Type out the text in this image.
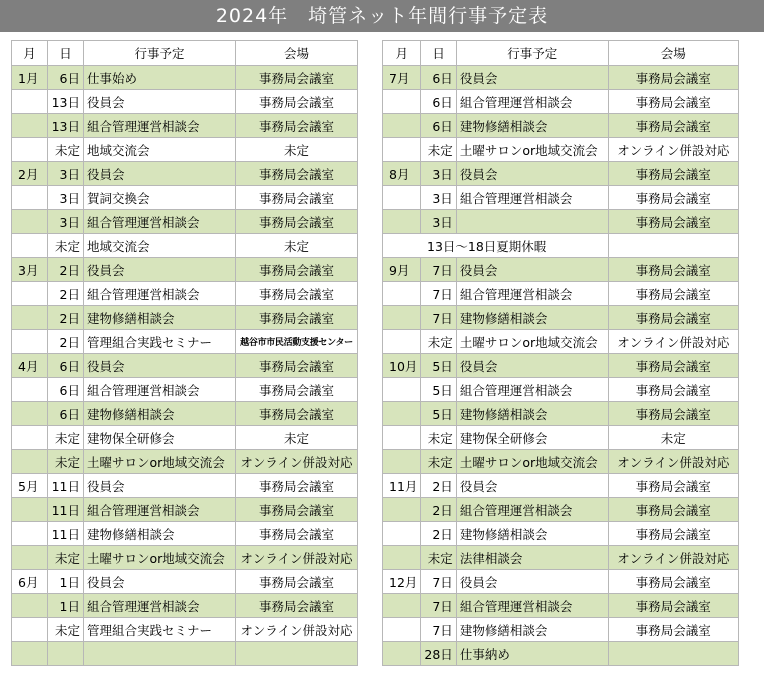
2024年　埼管ネット年間行事予定表
月	日	行事予定	会場
1月	6日	仕事始め	事務局会議室
	13日	役員会	事務局会議室
	13日	組合管理運営相談会	事務局会議室
	未定	地域交流会	未定
2月	3日	役員会	事務局会議室
	3日	賀詞交換会	事務局会議室
	3日	組合管理運営相談会	事務局会議室
	未定	地域交流会	未定
3月	2日	役員会	事務局会議室
	2日	組合管理運営相談会	事務局会議室
	2日	建物修繕相談会	事務局会議室
	2日	管理組合実践セミナー	越谷市市民活動支援センター
4月	6日	役員会	事務局会議室
	6日	組合管理運営相談会	事務局会議室
	6日	建物修繕相談会	事務局会議室
	未定	建物保全研修会	未定
	未定	土曜サロンor地域交流会	オンライン併設対応
5月	11日	役員会	事務局会議室
	11日	組合管理運営相談会	事務局会議室
	11日	建物修繕相談会	事務局会議室
	未定	土曜サロンor地域交流会	オンライン併設対応
6月	1日	役員会	事務局会議室
	1日	組合管理運営相談会	事務局会議室
	未定	管理組合実践セミナー	オンライン併設対応

月	日	行事予定	会場
7月	6日	役員会	事務局会議室
	6日	組合管理運営相談会	事務局会議室
	6日	建物修繕相談会	事務局会議室
	未定	土曜サロンor地域交流会	オンライン併設対応
8月	3日	役員会	事務局会議室
	3日	組合管理運営相談会	事務局会議室
	3日		事務局会議室
13日～18日夏期休暇			
9月	7日	役員会	事務局会議室
	7日	組合管理運営相談会	事務局会議室
	7日	建物修繕相談会	事務局会議室
	未定	土曜サロンor地域交流会	オンライン併設対応
10月	5日	役員会	事務局会議室
	5日	組合管理運営相談会	事務局会議室
	5日	建物修繕相談会	事務局会議室
	未定	建物保全研修会	未定
	未定	土曜サロンor地域交流会	オンライン併設対応
11月	2日	役員会	事務局会議室
	2日	組合管理運営相談会	事務局会議室
	2日	建物修繕相談会	事務局会議室
	未定	法律相談会	オンライン併設対応
12月	7日	役員会	事務局会議室
	7日	組合管理運営相談会	事務局会議室
	7日	建物修繕相談会	事務局会議室
	28日	仕事納め	
